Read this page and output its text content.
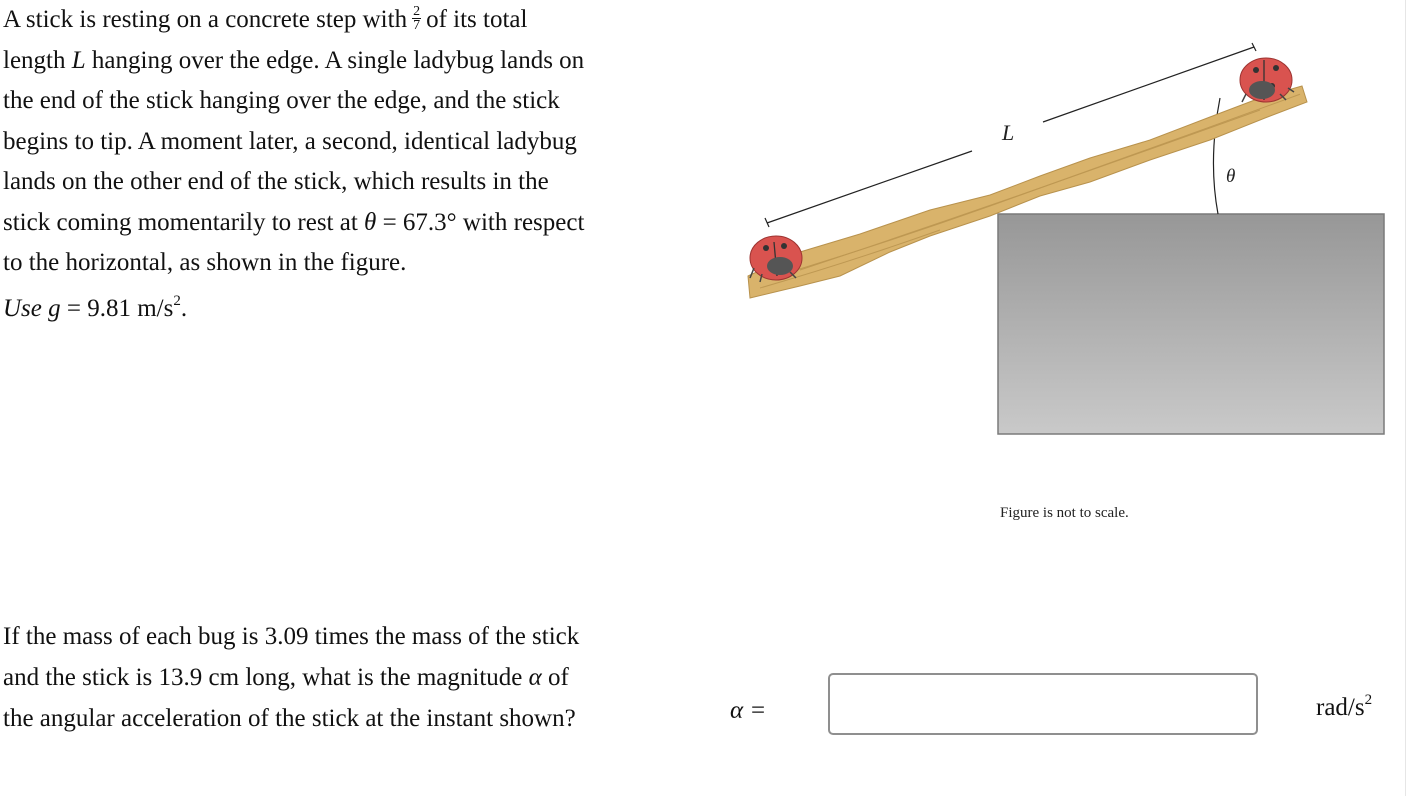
A stick is resting on a concrete step with $\frac{2}{7}$ of its total

length L hanging over the edge. A single ladybug lands on

the end of the stick hanging over the edge, and the stick

begins to tip. A moment later, a second, identical ladybug

lands on the other end of the stick, which results in the

stick coming momentarily to rest at θ = 67.3° with respect

to the horizontal, as shown in the figure.

Use g = 9.81 $m/s^2$.
L
θ
Figure is not to scale.
If the mass of each bug is 3.09 times the mass of the stick
and the stick is 13.9 cm long, what is the magnitude α of
the angular acceleration of the stick at the instant shown?	α =	rad/$s^2$
